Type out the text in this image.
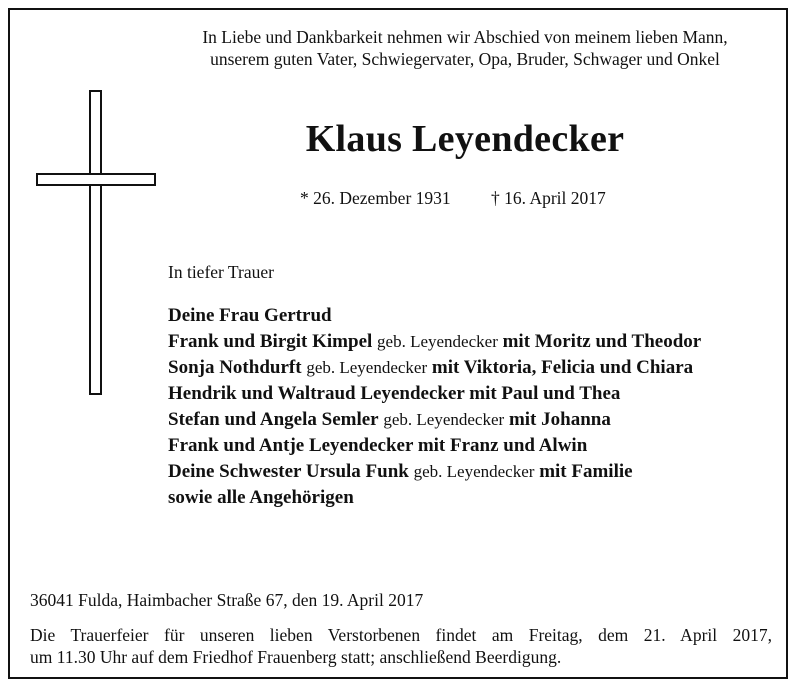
In Liebe und Dankbarkeit nehmen wir Abschied von meinem lieben Mann,
unserem guten Vater, Schwiegervater, Opa, Bruder, Schwager und Onkel
Klaus Leyendecker
* 26. Dezember 1931 † 16. April 2017
In tiefer Trauer
Deine Frau Gertrud
Frank und Birgit Kimpel geb. Leyendecker mit Moritz und Theodor
Sonja Nothdurft geb. Leyendecker mit Viktoria, Felicia und Chiara
Hendrik und Waltraud Leyendecker mit Paul und Thea
Stefan und Angela Semler geb. Leyendecker mit Johanna
Frank und Antje Leyendecker mit Franz und Alwin
Deine Schwester Ursula Funk geb. Leyendecker mit Familie
sowie alle Angehörigen
36041 Fulda, Haimbacher Straße 67, den 19. April 2017
Die Trauerfeier für unseren lieben Verstorbenen findet am Freitag, dem 21. April 2017,
um 11.30 Uhr auf dem Friedhof Frauenberg statt; anschließend Beerdigung.
